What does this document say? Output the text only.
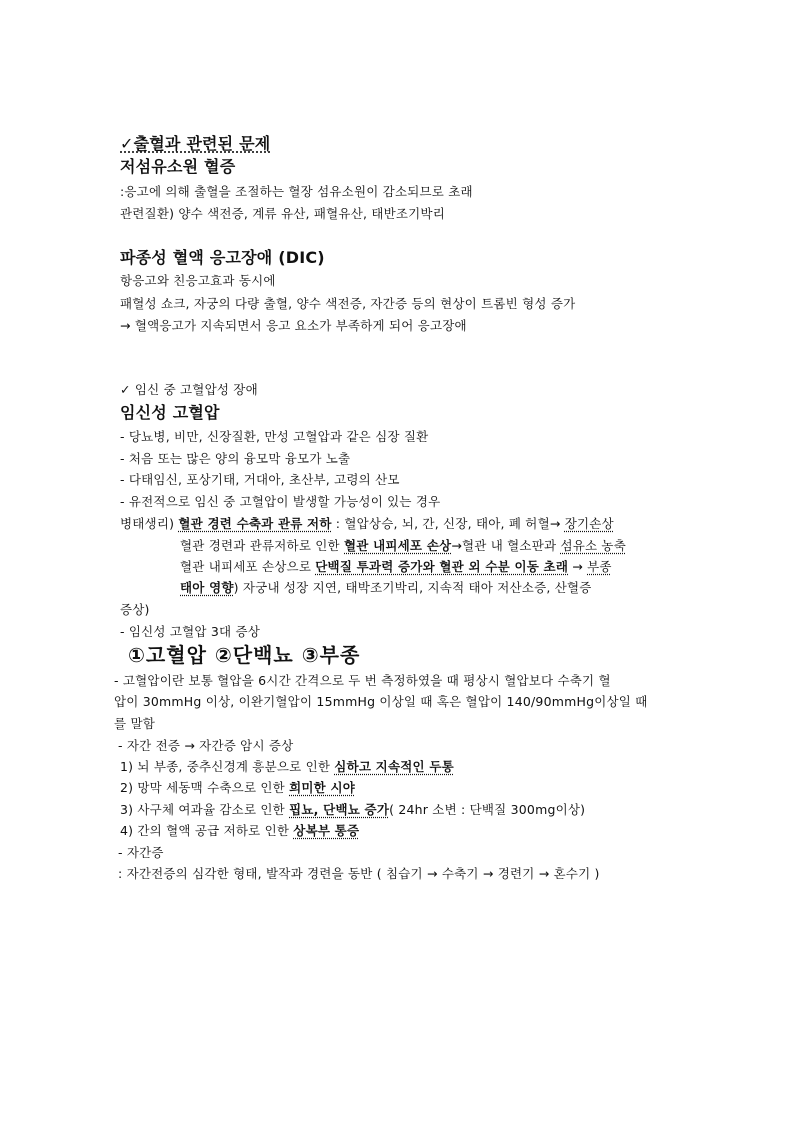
✓출혈과 관련된 문제
저섬유소원 혈증
:응고에 의해 출혈을 조절하는 혈장 섬유소원이 감소되므로 초래
관련질환) 양수 색전증, 계류 유산, 패혈유산, 태반조기박리
파종성 혈액 응고장애 (DIC)
항응고와 친응고효과 동시에
패혈성 쇼크, 자궁의 다량 출혈, 양수 색전증, 자간증 등의 현상이 트롬빈 형성 증가
→ 혈액응고가 지속되면서 응고 요소가 부족하게 되어 응고장애
✓ 임신 중 고혈압성 장애
임신성 고혈압
- 당뇨병, 비만, 신장질환, 만성 고혈압과 같은 심장 질환
- 처음 또는 많은 양의 융모막 융모가 노출
- 다태임신, 포상기태, 거대아, 초산부, 고령의 산모
- 유전적으로 임신 중 고혈압이 발생할 가능성이 있는 경우
병태생리) 혈관 경련 수축과 관류 저하 : 혈압상승, 뇌, 간, 신장, 태아, 폐 허혈→ 장기손상
혈관 경련과 관류저하로 인한 혈관 내피세포 손상→혈관 내 혈소판과 섬유소 농축
혈관 내피세포 손상으로 단백질 투과력 증가와 혈관 외 수분 이동 초래 → 부종
태아 영향) 자궁내 성장 지연, 태박조기박리, 지속적 태아 저산소증, 산혈증
증상)
- 임신성 고혈압 3대 증상
①고혈압 ②단백뇨 ③부종
- 고혈압이란 보통 혈압을 6시간 간격으로 두 번 측정하였을 때 평상시 혈압보다 수축기 혈
압이 30mmHg 이상, 이완기혈압이 15mmHg 이상일 때 혹은 혈압이 140/90mmHg이상일 때
를 말함
- 자간 전증 → 자간증 암시 증상
1) 뇌 부종, 중추신경계 흥분으로 인한 심하고 지속적인 두통
2) 망막 세동맥 수축으로 인한 희미한 시야
3) 사구체 여과율 감소로 인한 핍뇨, 단백뇨 증가( 24hr 소변 : 단백질 300mg이상)
4) 간의 혈액 공급 저하로 인한 상복부 통증
- 자간증
: 자간전증의 심각한 형태, 발작과 경련을 동반 ( 침습기 → 수축기 → 경련기 → 혼수기 )
